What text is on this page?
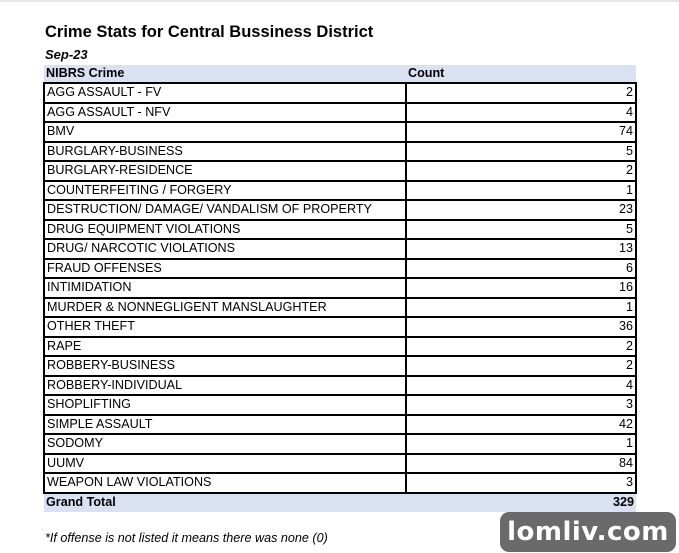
Crime Stats for Central Bussiness District
Sep-23
NIBRS Crime	Count
AGG ASSAULT - FV	2
AGG ASSAULT - NFV	4
BMV	74
BURGLARY-BUSINESS	5
BURGLARY-RESIDENCE	2
COUNTERFEITING / FORGERY	1
DESTRUCTION/ DAMAGE/ VANDALISM OF PROPERTY	23
DRUG EQUIPMENT VIOLATIONS	5
DRUG/ NARCOTIC VIOLATIONS	13
FRAUD OFFENSES	6
INTIMIDATION	16
MURDER & NONNEGLIGENT MANSLAUGHTER	1
OTHER THEFT	36
RAPE	2
ROBBERY-BUSINESS	2
ROBBERY-INDIVIDUAL	4
SHOPLIFTING	3
SIMPLE ASSAULT	42
SODOMY	1
UUMV	84
WEAPON LAW VIOLATIONS	3
Grand Total	329
*If offense is not listed it means there was none (0)	lomliv.com
